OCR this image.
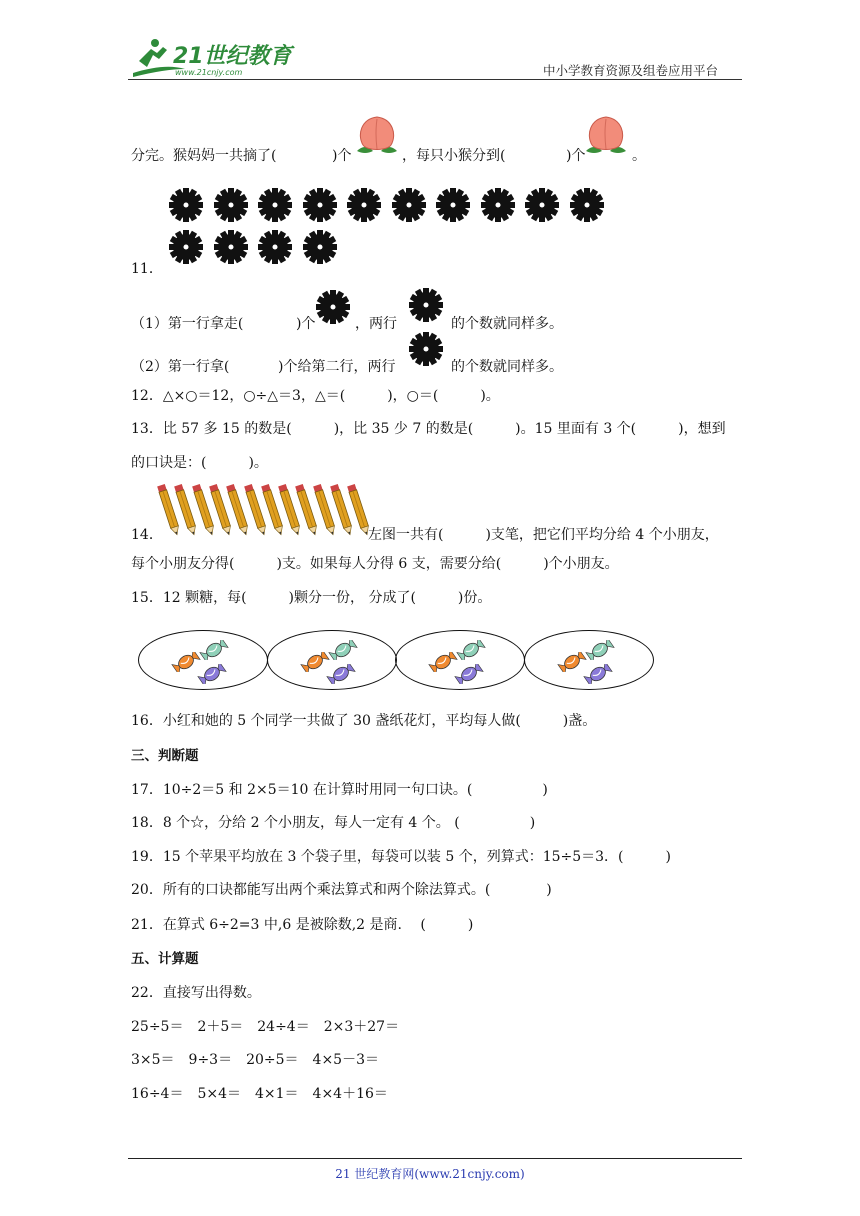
21世纪教育
www.21cnjy.com	中小学教育资源及组卷应用平台
分完。猴妈妈一共摘了(	)个	，每只小猴分到(	)个	。
11．
（1）第一行拿走(	)个	，两行	的个数就同样多。
（2）第一行拿(	)个给第二行，两行	的个数就同样多。
12．△×○＝12，○÷△＝3，△＝(　　　)，○＝(　　　)。
13．比 57 多 15 的数是(　　　)，比 35 少 7 的数是(　　　)。15 里面有 3 个(　　　)，想到
的口诀是：(　　　)。
14．	左图一共有(　　　)支笔，把它们平均分给 4 个小朋友，
每个小朋友分得(　　　)支。如果每人分得 6 支，需要分给(　　　)个小朋友。
15．12 颗糖，每(　　　)颗分一份， 分成了(　　　)份。
16．小红和她的 5 个同学一共做了 30 盏纸花灯，平均每人做(　　　)盏。
三、判断题
17．10÷2＝5 和 2×5＝10 在计算时用同一句口诀。(　　　　　)
18．8 个☆，分给 2 个小朋友，每人一定有 4 个。 (　　　　　)
19．15 个苹果平均放在 3 个袋子里，每袋可以装 5 个，列算式：15÷5＝3．(　　　)
20．所有的口诀都能写出两个乘法算式和两个除法算式。(　　　　)
21．在算式 6÷2=3 中,6 是被除数,2 是商.　 (　　　)
五、计算题
22．直接写出得数。
25÷5＝　2＋5＝　24÷4＝　2×3＋27＝
3×5＝　9÷3＝　20÷5＝　4×5－3＝
16÷4＝　5×4＝　4×1＝　4×4＋16＝
21 世纪教育网(www.21cnjy.com)
